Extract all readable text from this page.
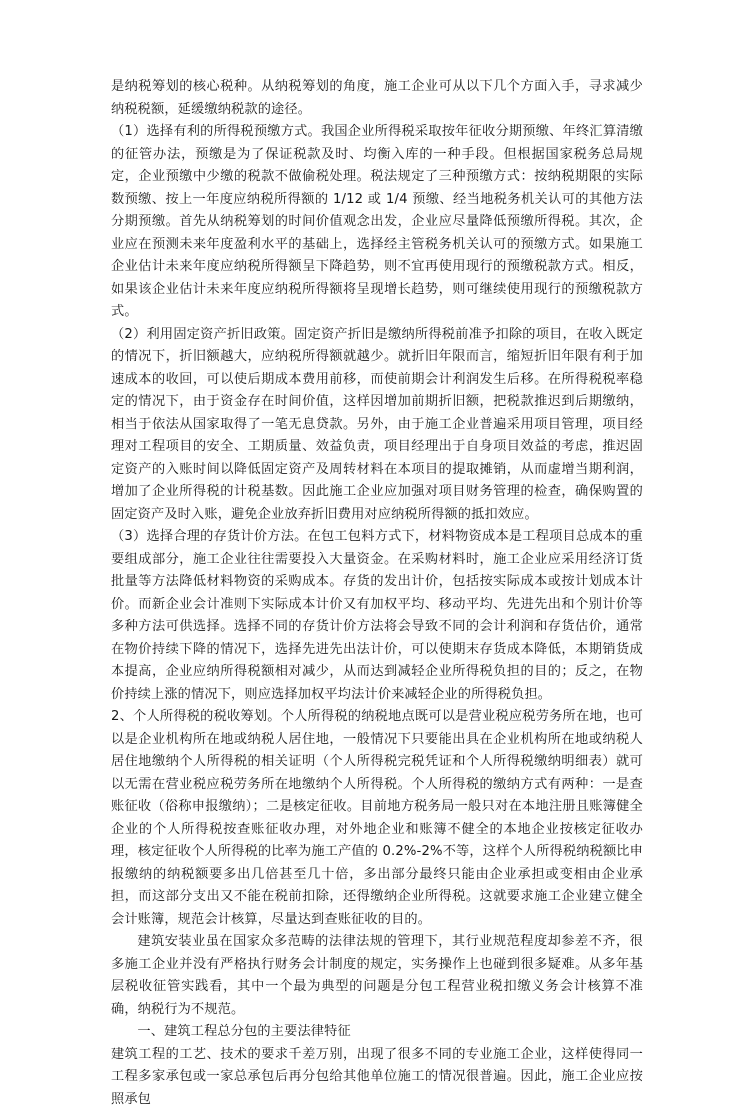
是纳税筹划的核心税种。从纳税筹划的角度，施工企业可从以下几个方面入手，寻求减少纳税税额，延缓缴纳税款的途径。

（1）选择有利的所得税预缴方式。我国企业所得税采取按年征收分期预缴、年终汇算清缴的征管办法，预缴是为了保证税款及时、均衡入库的一种手段。但根据国家税务总局规定，企业预缴中少缴的税款不做偷税处理。税法规定了三种预缴方式：按纳税期限的实际数预缴、按上一年度应纳税所得额的 1/12 或 1/4 预缴、经当地税务机关认可的其他方法分期预缴。首先从纳税筹划的时间价值观念出发，企业应尽量降低预缴所得税。其次，企业应在预测未来年度盈利水平的基础上，选择经主管税务机关认可的预缴方式。如果施工企业估计未来年度应纳税所得额呈下降趋势，则不宜再使用现行的预缴税款方式。相反，如果该企业估计未来年度应纳税所得额将呈现增长趋势，则可继续使用现行的预缴税款方式。

（2）利用固定资产折旧政策。固定资产折旧是缴纳所得税前准予扣除的项目，在收入既定的情况下，折旧额越大，应纳税所得额就越少。就折旧年限而言，缩短折旧年限有利于加速成本的收回，可以使后期成本费用前移，而使前期会计利润发生后移。在所得税税率稳定的情况下，由于资金存在时间价值，这样因增加前期折旧额，把税款推迟到后期缴纳，相当于依法从国家取得了一笔无息贷款。另外，由于施工企业普遍采用项目管理，项目经理对工程项目的安全、工期质量、效益负责，项目经理出于自身项目效益的考虑，推迟固定资产的入账时间以降低固定资产及周转材料在本项目的提取摊销，从而虚增当期利润，增加了企业所得税的计税基数。因此施工企业应加强对项目财务管理的检查，确保购置的固定资产及时入账，避免企业放弃折旧费用对应纳税所得额的抵扣效应。

（3）选择合理的存货计价方法。在包工包料方式下，材料物资成本是工程项目总成本的重要组成部分，施工企业往往需要投入大量资金。在采购材料时，施工企业应采用经济订货批量等方法降低材料物资的采购成本。存货的发出计价，包括按实际成本或按计划成本计价。而新企业会计准则下实际成本计价又有加权平均、移动平均、先进先出和个别计价等多种方法可供选择。选择不同的存货计价方法将会导致不同的会计利润和存货估价，通常在物价持续下降的情况下，选择先进先出法计价，可以使期末存货成本降低，本期销货成本提高，企业应纳所得税额相对减少，从而达到减轻企业所得税负担的目的；反之，在物价持续上涨的情况下，则应选择加权平均法计价来减轻企业的所得税负担。

2、个人所得税的税收筹划。个人所得税的纳税地点既可以是营业税应税劳务所在地，也可以是企业机构所在地或纳税人居住地，一般情况下只要能出具在企业机构所在地或纳税人居住地缴纳个人所得税的相关证明（个人所得税完税凭证和个人所得税缴纳明细表）就可以无需在营业税应税劳务所在地缴纳个人所得税。个人所得税的缴纳方式有两种：一是查账征收（俗称申报缴纳）；二是核定征收。目前地方税务局一般只对在本地注册且账簿健全企业的个人所得税按查账征收办理，对外地企业和账簿不健全的本地企业按核定征收办理，核定征收个人所得税的比率为施工产值的 0.2%-2%不等，这样个人所得税纳税额比申报缴纳的纳税额要多出几倍甚至几十倍，多出部分最终只能由企业承担或变相由企业承担，而这部分支出又不能在税前扣除，还得缴纳企业所得税。这就要求施工企业建立健全会计账簿，规范会计核算，尽量达到查账征收的目的。

建筑安装业虽在国家众多范畴的法律法规的管理下，其行业规范程度却参差不齐，很多施工企业并没有严格执行财务会计制度的规定，实务操作上也碰到很多疑难。从多年基层税收征管实践看，其中一个最为典型的问题是分包工程营业税扣缴义务会计核算不准确，纳税行为不规范。

一、建筑工程总分包的主要法律特征

建筑工程的工艺、技术的要求千差万别，出现了很多不同的专业施工企业，这样使得同一工程多家承包或一家总承包后再分包给其他单位施工的情况很普遍。因此，施工企业应按照承包
